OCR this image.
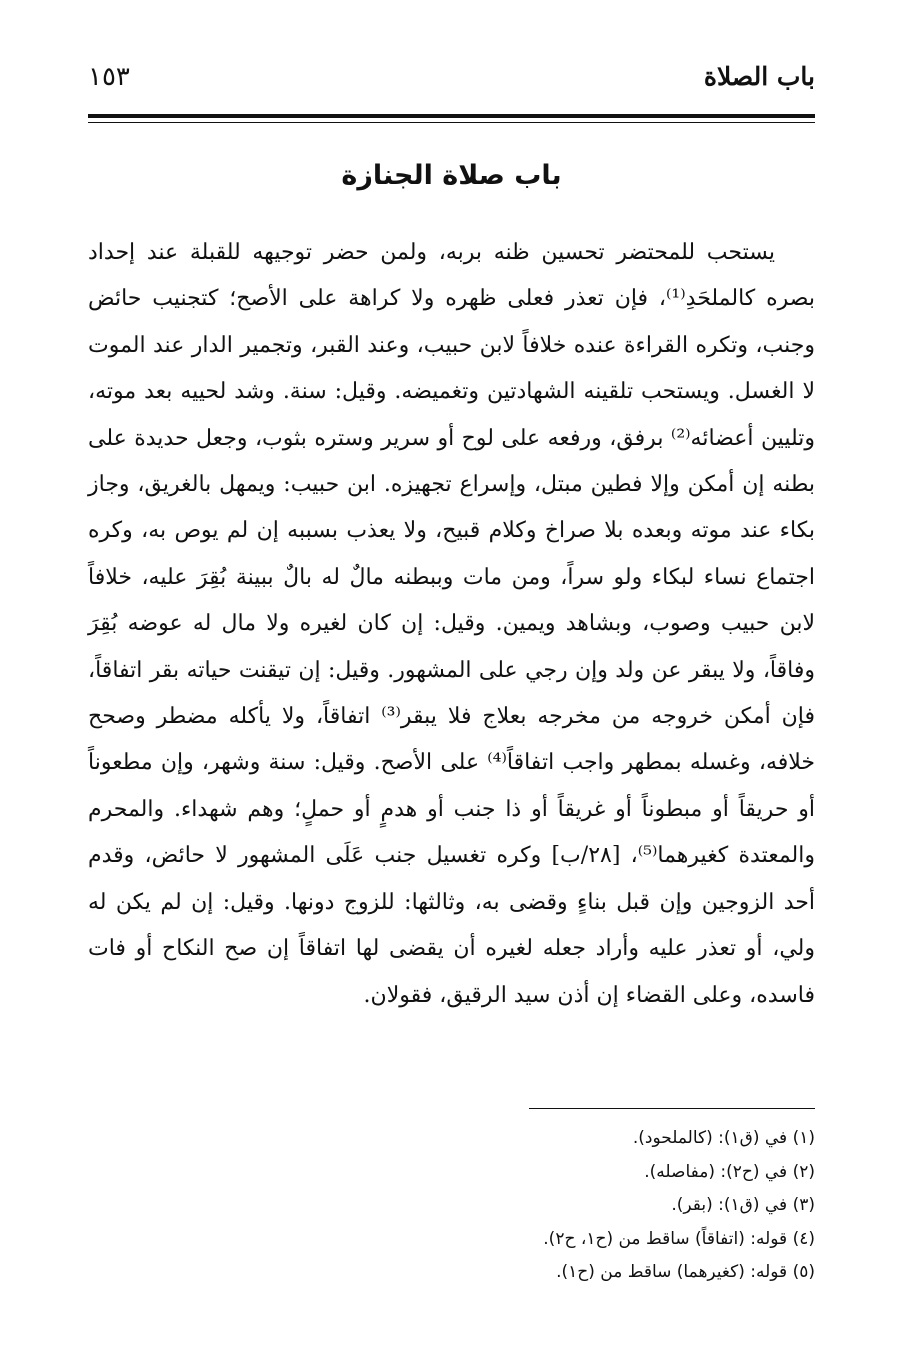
باب الصلاة
١٥٣
باب صلاة الجنازة

يستحب للمحتضر تحسين ظنه بربه، ولمن حضر توجيهه للقبلة عند إحداد بصره كالملحَدِ⁽¹⁾، فإن تعذر فعلى ظهره ولا كراهة على الأصح؛ كتجنيب حائض وجنب، وتكره القراءة عنده خلافاً لابن حبيب، وعند القبر، وتجمير الدار عند الموت لا الغسل. ويستحب تلقينه الشهادتين وتغميضه. وقيل: سنة. وشد لحييه بعد موته، وتليين أعضائه⁽²⁾ برفق، ورفعه على لوح أو سرير وستره بثوب، وجعل حديدة على بطنه إن أمكن وإلا فطين مبتل، وإسراع تجهيزه. ابن حبيب: ويمهل بالغريق، وجاز بكاء عند موته وبعده بلا صراخ وكلام قبيح، ولا يعذب بسببه إن لم يوص به، وكره اجتماع نساء لبكاء ولو سراً، ومن مات وببطنه مالٌ له بالٌ ببينة بُقِرَ عليه، خلافاً لابن حبيب وصوب، وبشاهد ويمين. وقيل: إن كان لغيره ولا مال له عوضه بُقِرَ وفاقاً، ولا يبقر عن ولد وإن رجي على المشهور. وقيل: إن تيقنت حياته بقر اتفاقاً، فإن أمكن خروجه من مخرجه بعلاج فلا يبقر⁽³⁾ اتفاقاً، ولا يأكله مضطر وصحح خلافه، وغسله بمطهر واجب اتفاقاً⁽⁴⁾ على الأصح. وقيل: سنة وشهر، وإن مطعوناً أو حريقاً أو مبطوناً أو غريقاً أو ذا جنب أو هدمٍ أو حملٍ؛ وهم شهداء. والمحرم والمعتدة كغيرهما⁽⁵⁾، [٢٨/ب] وكره تغسيل جنب عَلَى المشهور لا حائض، وقدم أحد الزوجين وإن قبل بناءٍ وقضى به، وثالثها: للزوج دونها. وقيل: إن لم يكن له ولي، أو تعذر عليه وأراد جعله لغيره أن يقضى لها اتفاقاً إن صح النكاح أو فات فاسده، وعلى القضاء إن أذن سيد الرقيق، فقولان.

(١) في (ق١): (كالملحود).
(٢) في (ح٢): (مفاصله).
(٣) في (ق١): (بقر).
(٤) قوله: (اتفاقاً) ساقط من (ح١، ح٢).
(٥) قوله: (كغيرهما) ساقط من (ح١).
